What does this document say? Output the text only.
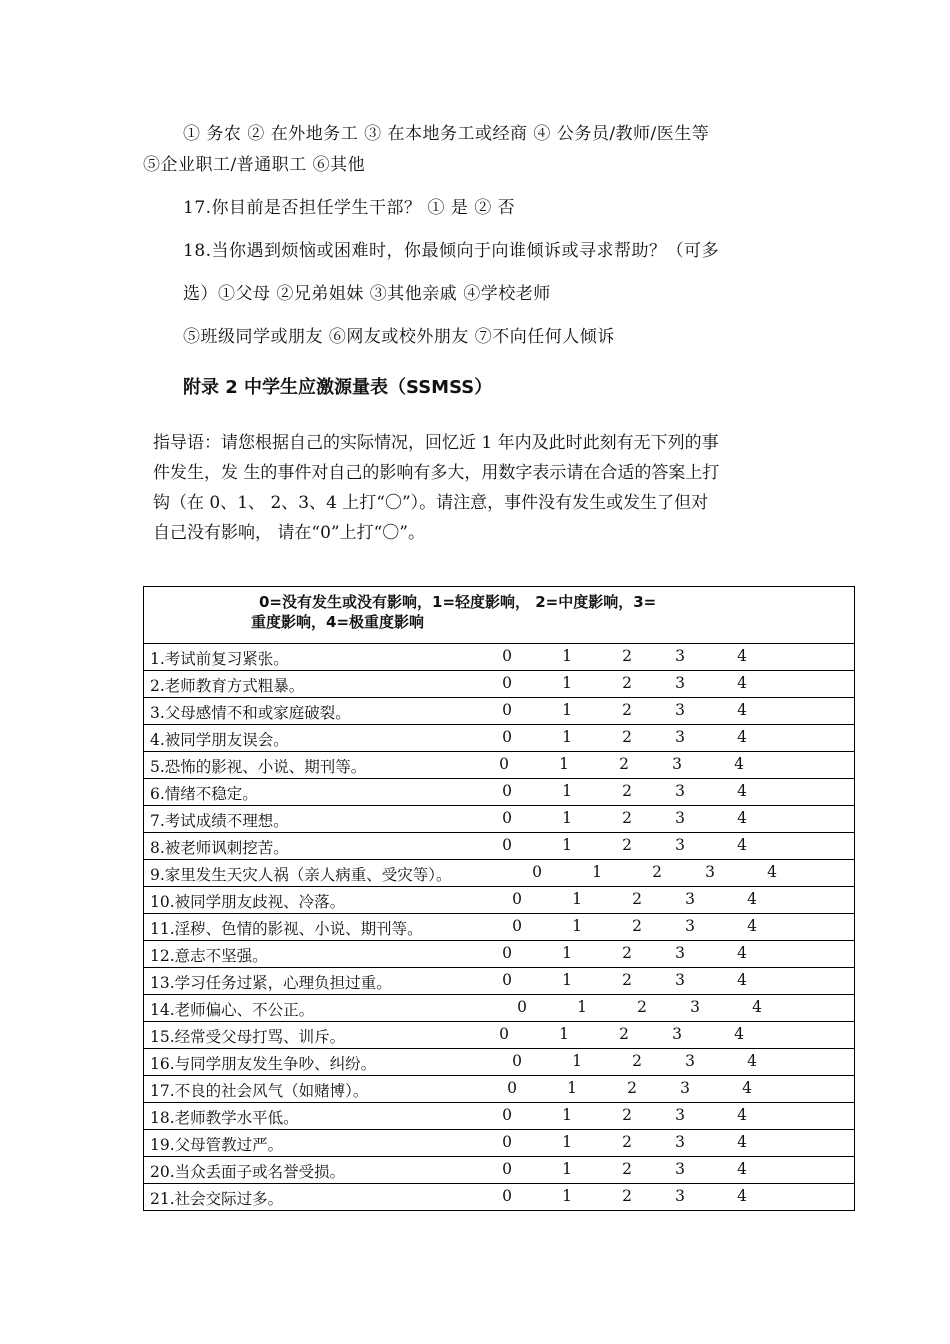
① 务农 ② 在外地务工 ③ 在本地务工或经商 ④ 公务员/教师/医生等
⑤企业职工/普通职工 ⑥其他
17.你目前是否担任学生干部？ ① 是 ② 否
18.当你遇到烦恼或困难时，你最倾向于向谁倾诉或寻求帮助？（可多
选）①父母 ②兄弟姐妹 ③其他亲戚 ④学校老师
⑤班级同学或朋友 ⑥网友或校外朋友 ⑦不向任何人倾诉
附录 2 中学生应激源量表（SSMSS）

指导语：请您根据自己的实际情况，回忆近 1 年内及此时此刻有无下列的事

件发生，发 生的事件对自己的影响有多大，用数字表示请在合适的答案上打

钩（在 0、1、 2、3、4 上打“〇”）。请注意，事件没有发生或发生了但对

自己没有影响， 请在“0”上打“〇”。

0=没有发生或没有影响，1=轻度影响， 2=中度影响，3=
重度影响，4=极重度影响

1.考试前复习紧张。	0	1	2	3	4

2.老师教育方式粗暴。	0	1	2	3	4

3.父母感情不和或家庭破裂。	0	1	2	3	4

4.被同学朋友误会。	0	1	2	3	4

5.恐怖的影视、小说、期刊等。	0	1	2	3	4

6.情绪不稳定。	0	1	2	3	4

7.考试成绩不理想。	0	1	2	3	4

8.被老师讽刺挖苦。	0	1	2	3	4

9.家里发生天灾人祸（亲人病重、受灾等）。	0	1	2	3	4

10.被同学朋友歧视、冷落。	0	1	2	3	4

11.淫秽、色情的影视、小说、期刊等。	0	1	2	3	4

12.意志不坚强。	0	1	2	3	4

13.学习任务过紧，心理负担过重。	0	1	2	3	4

14.老师偏心、不公正。	0	1	2	3	4

15.经常受父母打骂、训斥。	0	1	2	3	4

16.与同学朋友发生争吵、纠纷。	0	1	2	3	4

17.不良的社会风气（如赌博）。	0	1	2	3	4

18.老师教学水平低。	0	1	2	3	4

19.父母管教过严。	0	1	2	3	4

20.当众丢面子或名誉受损。	0	1	2	3	4

21.社会交际过多。	0	1	2	3	4
